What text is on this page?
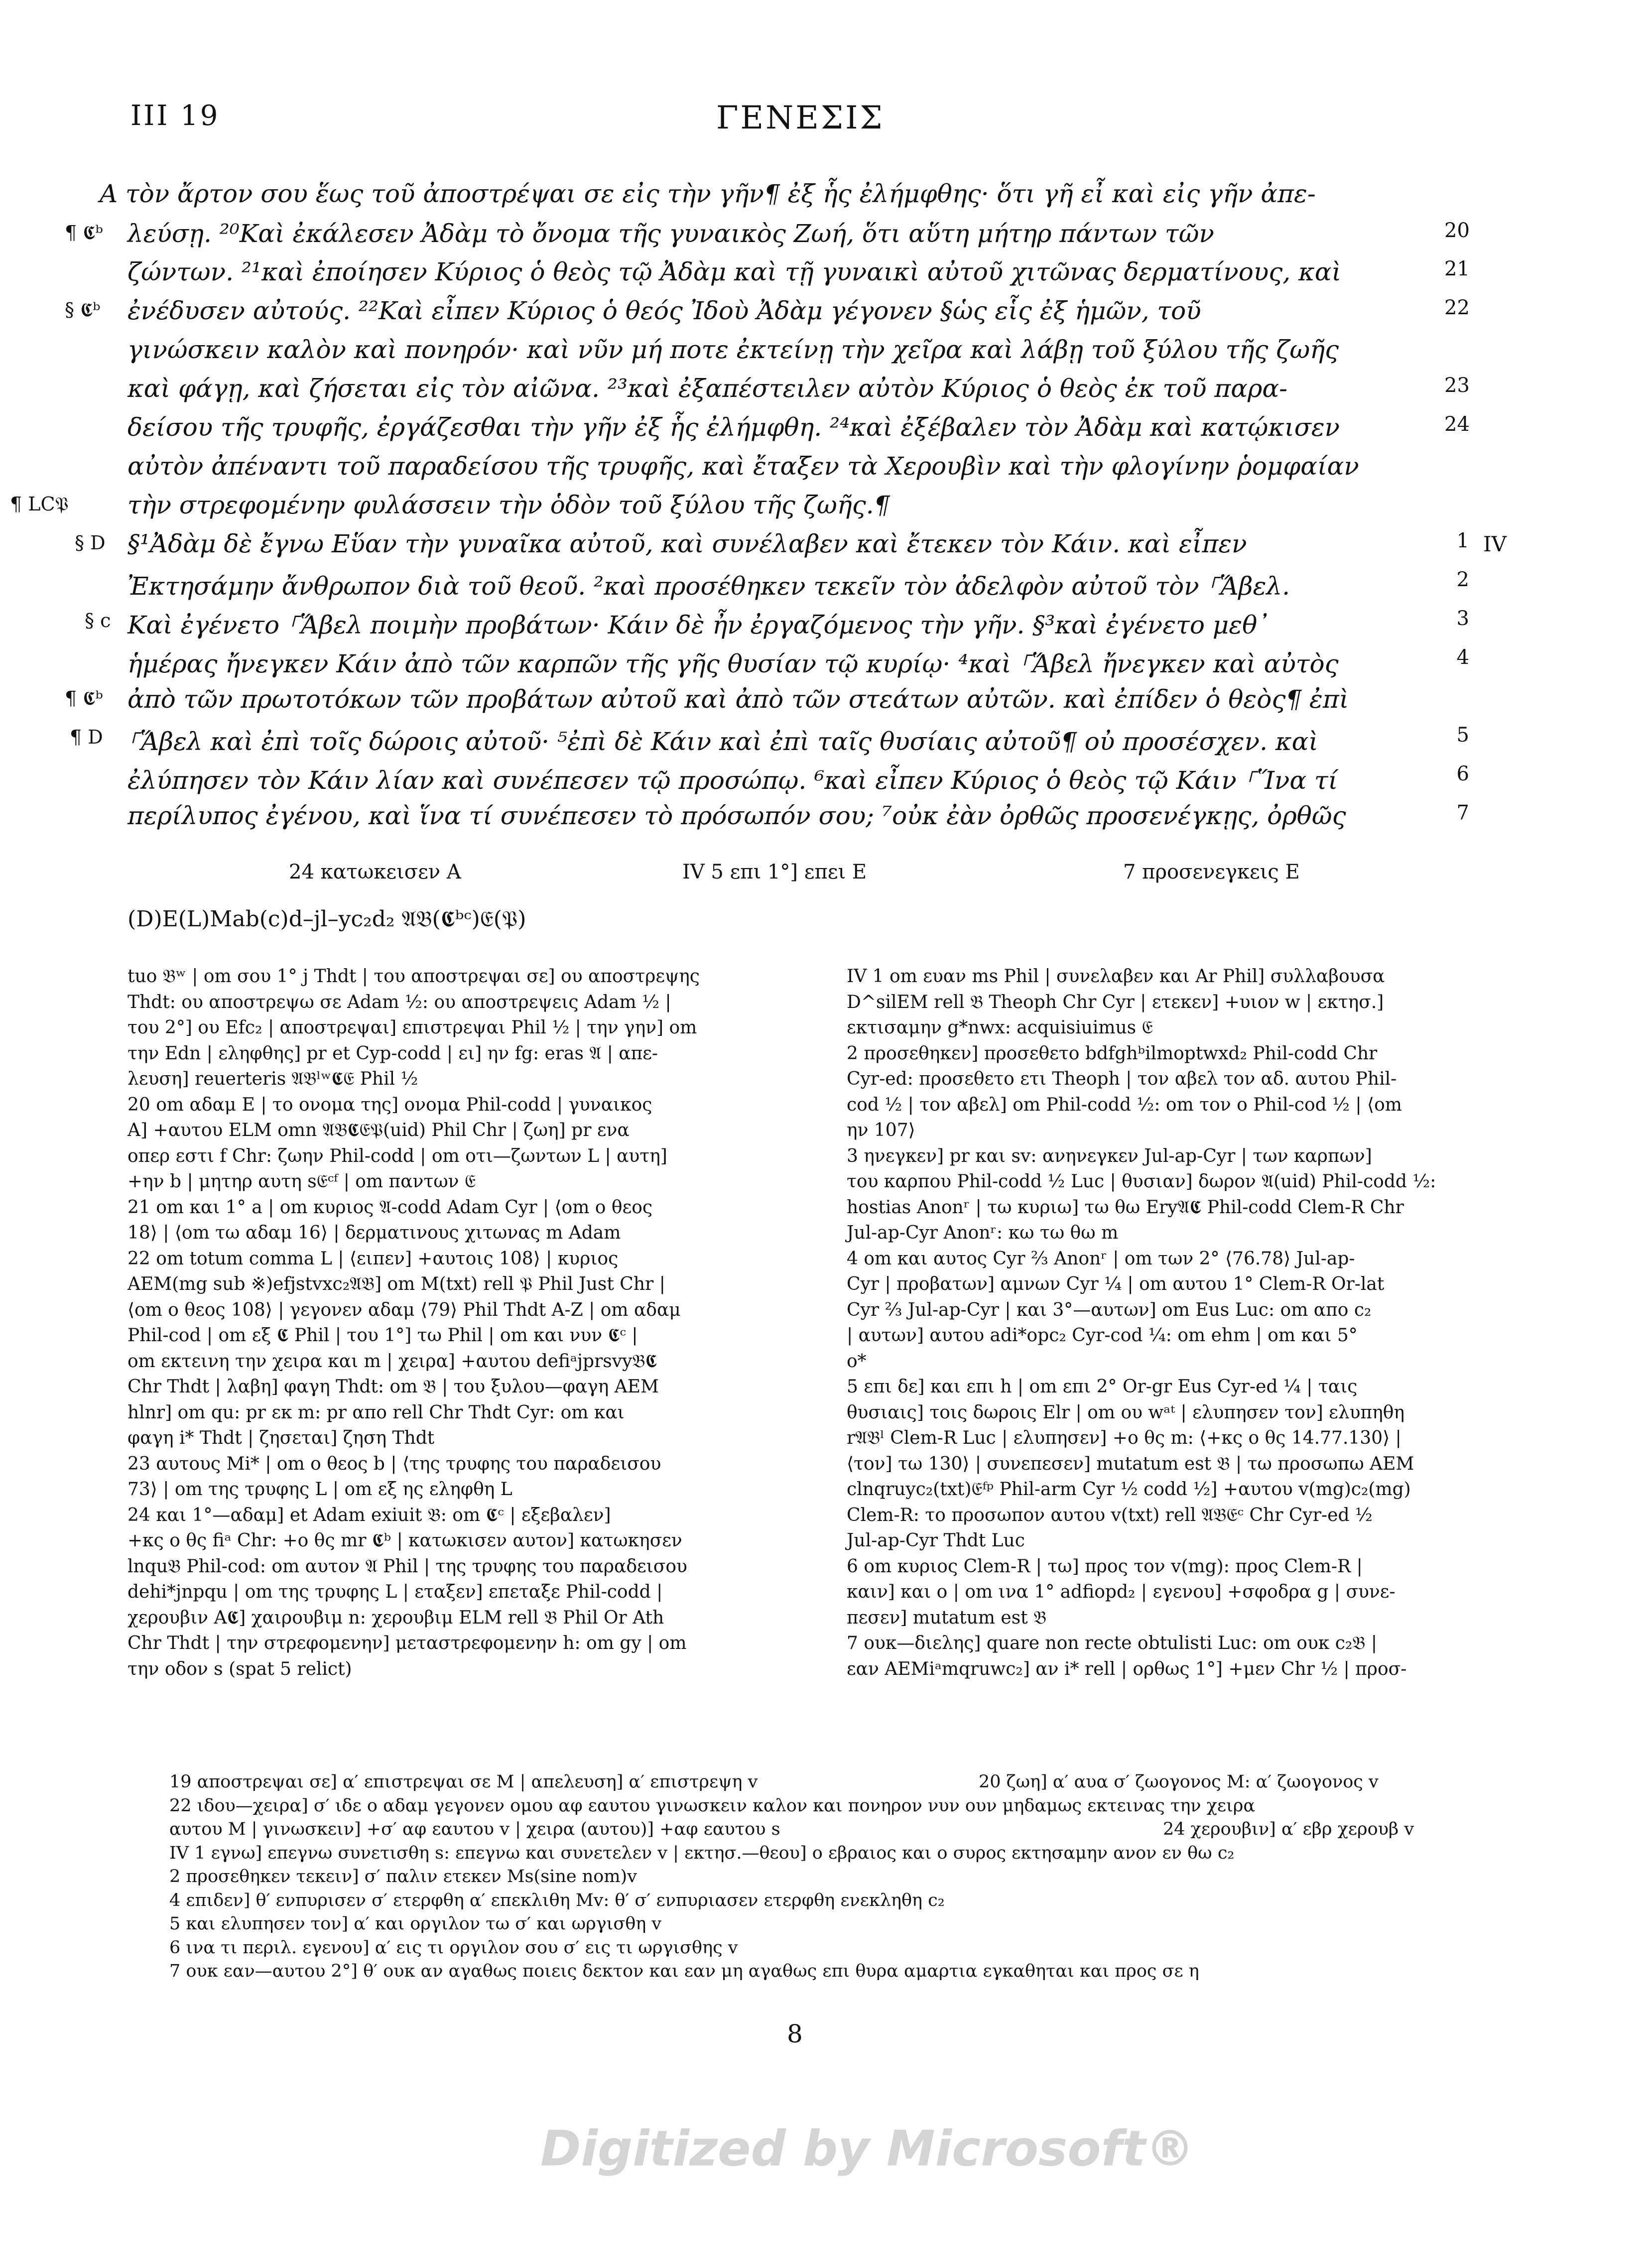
III 19	ΓΕΝΕΣΙΣ
A τὸν ἄρτον σου ἕως τοῦ ἀποστρέψαι σε εἰς τὴν γῆν¶ ἐξ ἧς ἐλήμφθης· ὅτι γῆ εἶ καὶ εἰς γῆν ἀπε-
¶ 𝕮ᵇ λεύσῃ. ²⁰Καὶ ἐκάλεσεν Ἀδὰμ τὸ ὄνομα τῆς γυναικὸς Ζωή, ὅτι αὕτη μήτηρ πάντων τῶν	20
ζώντων. ²¹καὶ ἐποίησεν Κύριος ὁ θεὸς τῷ Ἀδὰμ καὶ τῇ γυναικὶ αὐτοῦ χιτῶνας δερματίνους, καὶ	21
§ 𝕮ᵇ ἐνέδυσεν αὐτούς. ²²Καὶ εἶπεν Κύριος ὁ θεός Ἰδοὺ Ἀδὰμ γέγονεν §ὡς εἷς ἐξ ἡμῶν, τοῦ	22
γινώσκειν καλὸν καὶ πονηρόν· καὶ νῦν μή ποτε ἐκτείνῃ τὴν χεῖρα καὶ λάβῃ τοῦ ξύλου τῆς ζωῆς
καὶ φάγῃ, καὶ ζήσεται εἰς τὸν αἰῶνα. ²³καὶ ἐξαπέστειλεν αὐτὸν Κύριος ὁ θεὸς ἐκ τοῦ παρα-	23
δείσου τῆς τρυφῆς, ἐργάζεσθαι τὴν γῆν ἐξ ἧς ἐλήμφθη. ²⁴καὶ ἐξέβαλεν τὸν Ἀδὰμ καὶ κατῴκισεν	24
αὐτὸν ἀπέναντι τοῦ παραδείσου τῆς τρυφῆς, καὶ ἔταξεν τὰ Χερουβὶν καὶ τὴν φλογίνην ῥομφαίαν
¶ LC𝔓 τὴν στρεφομένην φυλάσσειν τὴν ὁδὸν τοῦ ξύλου τῆς ζωῆς.¶
§ D §¹Ἀδὰμ δὲ ἔγνω Εὕαν τὴν γυναῖκα αὐτοῦ, καὶ συνέλαβεν καὶ ἔτεκεν τὸν Κάιν. καὶ εἶπεν	1
Ἐκτησάμην ἄνθρωπον διὰ τοῦ θεοῦ. ²καὶ προσέθηκεν τεκεῖν τὸν ἀδελφὸν αὐτοῦ τὸν ⸀Ἅβελ.	2
§ c Καὶ ἐγένετο ⸀Ἅβελ ποιμὴν προβάτων· Κάιν δὲ ἦν ἐργαζόμενος τὴν γῆν. §³καὶ ἐγένετο μεθ᾽	3
ἡμέρας ἤνεγκεν Κάιν ἀπὸ τῶν καρπῶν τῆς γῆς θυσίαν τῷ κυρίῳ· ⁴καὶ ⸀Ἅβελ ἤνεγκεν καὶ αὐτὸς	4
¶ 𝕮ᵇ ἀπὸ τῶν πρωτοτόκων τῶν προβάτων αὐτοῦ καὶ ἀπὸ τῶν στεάτων αὐτῶν. καὶ ἐπίδεν ὁ θεὸς¶ ἐπὶ
¶ D ⸀Ἅβελ καὶ ἐπὶ τοῖς δώροις αὐτοῦ· ⁵ἐπὶ δὲ Κάιν καὶ ἐπὶ ταῖς θυσίαις αὐτοῦ¶ οὐ προσέσχεν. καὶ	5
ἐλύπησεν τὸν Κάιν λίαν καὶ συνέπεσεν τῷ προσώπῳ. ⁶καὶ εἶπεν Κύριος ὁ θεὸς τῷ Κάιν ⸀Ἵνα τί	6
περίλυπος ἐγένου, καὶ ἵνα τί συνέπεσεν τὸ πρόσωπόν σου; ⁷οὐκ ἐὰν ὀρθῶς προσενέγκῃς, ὀρθῶς	7
IV
24 κατωκεισεν A	IV 5 επι 1°] επει E	7 προσενεγκεις E
(D)E(L)Mab(c)d–jl–yc₂d₂ 𝔄𝔅(𝕮ᵇᶜ)𝔈(𝔓)

tuo 𝔅ʷ | om σου 1° j Thdt | του αποστρεψαι σε] ου αποστρεψης

Thdt: ου αποστρεψω σε Adam ½: ου αποστρεψεις Adam ½ |

του 2°] ου Efc₂ | αποστρεψαι] επιστρεψαι Phil ½ | την γην] om

την Edn | εληφθης] pr et Cyp-codd | ει] ην fg: eras 𝔄 | απε-

λευση] reuerteris 𝔄𝔅ˡʷ𝕮𝔈 Phil ½

20 om αδαμ E | το ονομα της] ονομα Phil-codd | γυναικος

A] +αυτου ELM omn 𝔄𝔅𝕮𝔈𝔓(uid) Phil Chr | ζωη] pr ενα

οπερ εστι f Chr: ζωην Phil-codd | om οτι—ζωντων L | αυτη]

+ην b | μητηρ αυτη s𝔈ᶜᶠ | om παντων 𝔈

21 om και 1° a | om κυριος 𝔄-codd Adam Cyr | ⟨om ο θεος

18⟩ | ⟨om τω αδαμ 16⟩ | δερματινους χιτωνας m Adam

22 om totum comma L | ⟨ειπεν] +αυτοις 108⟩ | κυριος

AEM(mg sub ※)efjstvxc₂𝔄𝔅] om M(txt) rell 𝔓 Phil Just Chr |

⟨om ο θεος 108⟩ | γεγονεν αδαμ ⟨79⟩ Phil Thdt A-Z | om αδαμ

Phil-cod | om εξ 𝕮 Phil | του 1°] τω Phil | om και νυν 𝕮ᶜ |

om εκτεινη την χειρα και m | χειρα] +αυτου defiᵃjprsvy𝔅𝕮

Chr Thdt | λαβη] φαγη Thdt: om 𝔅 | του ξυλου—φαγη AEM

hlnr] om qu: pr εκ m: pr απο rell Chr Thdt Cyr: om και

φαγη i* Thdt | ζησεται] ζηση Thdt

23 αυτους Mi* | om ο θεος b | ⟨της τρυφης του παραδεισου

73⟩ | om της τρυφης L | om εξ ης εληφθη L

24 και 1°—αδαμ] et Adam exiuit 𝔅: om 𝕮ᶜ | εξεβαλεν]

+κς ο θς fiᵃ Chr: +ο θς mr 𝕮ᵇ | κατωκισεν αυτον] κατωκησεν

lnqu𝔅 Phil-cod: om αυτον 𝔄 Phil | της τρυφης του παραδεισου

dehi*jnpqu | om της τρυφης L | εταξεν] επεταξε Phil-codd |

χερουβιν A𝕮] χαιρουβιμ n: χερουβιμ ELM rell 𝔅 Phil Or Ath

Chr Thdt | την στρεφομενην] μεταστρεφομενην h: om gy | om

την οδον s (spat 5 relict)

IV 1 om ευαν ms Phil | συνελαβεν και Ar Phil] συλλαβουσα

D^silEM rell 𝔅 Theoph Chr Cyr | ετεκεν] +υιον w | εκτησ.]

εκτισαμην g*nwx: acquisiuimus 𝔈

2 προσεθηκεν] προσεθετο bdfghᵇilmoptwxd₂ Phil-codd Chr

Cyr-ed: προσεθετο ετι Theoph | τον αβελ τον αδ. αυτου Phil-

cod ½ | τον αβελ] om Phil-codd ½: om τον o Phil-cod ½ | ⟨om

ην 107⟩

3 ηνεγκεν] pr και sv: ανηνεγκεν Jul-ap-Cyr | των καρπων]

του καρπου Phil-codd ½ Luc | θυσιαν] δωρον 𝔄(uid) Phil-codd ½:

hostias Anonʳ | τω κυριω] τω θω Ery𝔄𝕮 Phil-codd Clem-R Chr

Jul-ap-Cyr Anonʳ: κω τω θω m

4 om και αυτος Cyr ⅔ Anonʳ | om των 2° ⟨76.78⟩ Jul-ap-

Cyr | προβατων] αμνων Cyr ¼ | om αυτου 1° Clem-R Or-lat

Cyr ⅔ Jul-ap-Cyr | και 3°—αυτων] om Eus Luc: om απο c₂

| αυτων] αυτου adi*opc₂ Cyr-cod ¼: om ehm | om και 5°

o*

5 επι δε] και επι h | om επι 2° Or-gr Eus Cyr-ed ¼ | ταις

θυσιαις] τοις δωροις Elr | om ου wᵃᵗ | ελυπησεν τον] ελυπηθη

r𝔄𝔅ˡ Clem-R Luc | ελυπησεν] +ο θς m: ⟨+κς ο θς 14.77.130⟩ |

⟨τον] τω 130⟩ | συνεπεσεν] mutatum est 𝔅 | τω προσωπω AEM

clnqruyc₂(txt)𝔈ᶠᵖ Phil-arm Cyr ½ codd ½] +αυτου v(mg)c₂(mg)

Clem-R: το προσωπον αυτου v(txt) rell 𝔄𝔅𝔈ᶜ Chr Cyr-ed ½

Jul-ap-Cyr Thdt Luc

6 om κυριος Clem-R | τω] προς τον v(mg): προς Clem-R |

καιν] και ο | om ινα 1° adfiopd₂ | εγενου] +σφοδρα g | συνε-

πεσεν] mutatum est 𝔅

7 ουκ—διελης] quare non recte obtulisti Luc: om ουκ c₂𝔅 |

εαν AEMiᵃmqruwc₂] αν i* rell | ορθως 1°] +μεν Chr ½ | προσ-

19 αποστρεψαι σε] α′ επιστρεψαι σε M | απελευση] α′ επιστρεψη v	20 ζωη] α′ αυα σ′ ζωογονος M: α′ ζωογονος v

22 ιδου—χειρα] σ′ ιδε ο αδαμ γεγονεν ομου αφ εαυτου γινωσκειν καλον και πονηρον νυν ουν μηδαμως εκτεινας την χειρα

αυτου M | γινωσκειν] +σ′ αφ εαυτου v | χειρα (αυτου)] +αφ εαυτου s	24 χερουβιν] α′ εβρ χερουβ v

IV 1 εγνω] επεγνω συνετισθη s: επεγνω και συνετελεν v | εκτησ.—θεου] ο εβραιος και ο συρος εκτησαμην ανον εν θω c₂

2 προσεθηκεν τεκειν] σ′ παλιν ετεκεν Ms(sine nom)v

4 επιδεν] θ′ ενπυρισεν σ′ ετερφθη α′ επεκλιθη Mv: θ′ σ′ ενπυριασεν ετερφθη ενεκληθη c₂

5 και ελυπησεν τον] α′ και οργιλον τω σ′ και ωργισθη v

6 ινα τι περιλ. εγενου] α′ εις τι οργιλον σου σ′ εις τι ωργισθης v

7 ουκ εαν—αυτου 2°] θ′ ουκ αν αγαθως ποιεις δεκτον και εαν μη αγαθως επι θυρα αμαρτια εγκαθηται και προς σε η

8
Digitized by Microsoft®
